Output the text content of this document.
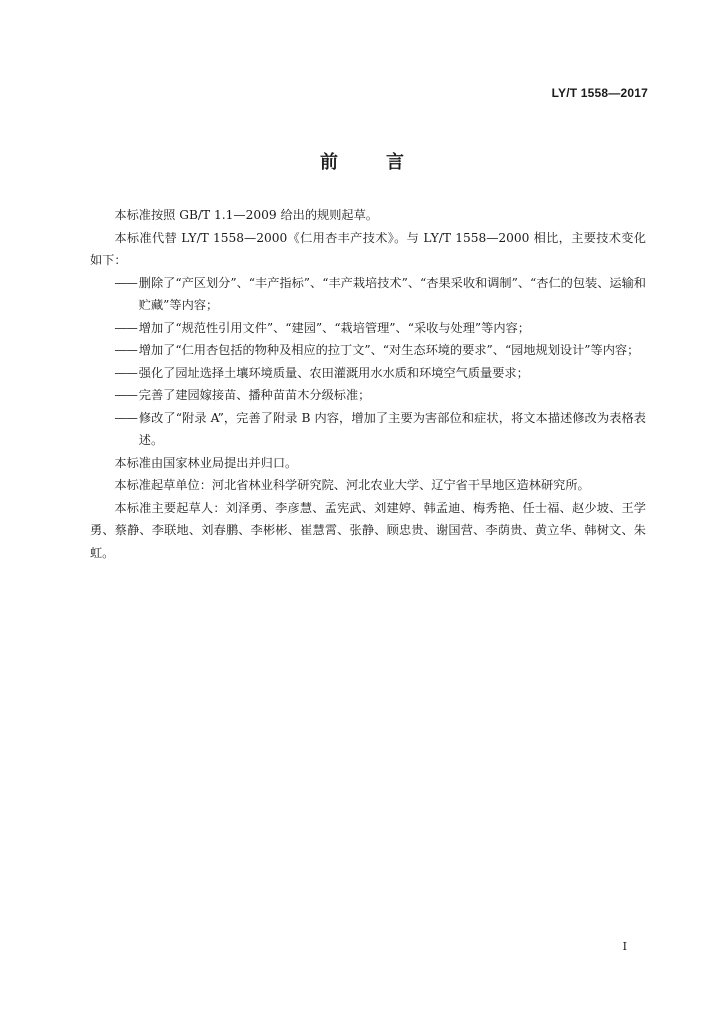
LY/T 1558—2017
前言

本标准按照 GB/T 1.1—2009 给出的规则起草。

本标准代替 LY/T 1558—2000《仁用杏丰产技术》。与 LY/T 1558—2000 相比，主要技术变化如下：

—— 删除了“产区划分”、“丰产指标”、“丰产栽培技术”、“杏果采收和调制”、“杏仁的包装、运输和贮藏”等内容；

—— 增加了“规范性引用文件”、“建园”、“栽培管理”、“采收与处理”等内容；

—— 增加了“仁用杏包括的物种及相应的拉丁文”、“对生态环境的要求”、“园地规划设计”等内容；

—— 强化了园址选择土壤环境质量、农田灌溉用水水质和环境空气质量要求；

—— 完善了建园嫁接苗、播种苗苗木分级标准；

—— 修改了“附录 A”，完善了附录 B 内容，增加了主要为害部位和症状，将文本描述修改为表格表述。

本标准由国家林业局提出并归口。

本标准起草单位：河北省林业科学研究院、河北农业大学、辽宁省干旱地区造林研究所。

本标准主要起草人：刘泽勇、李彦慧、孟宪武、刘建婷、韩孟迪、梅秀艳、任士福、赵少坡、王学勇、蔡静、李联地、刘春鹏、李彬彬、崔慧霄、张静、顾忠贵、谢国营、李荫贵、黄立华、韩树文、朱虹。

I
